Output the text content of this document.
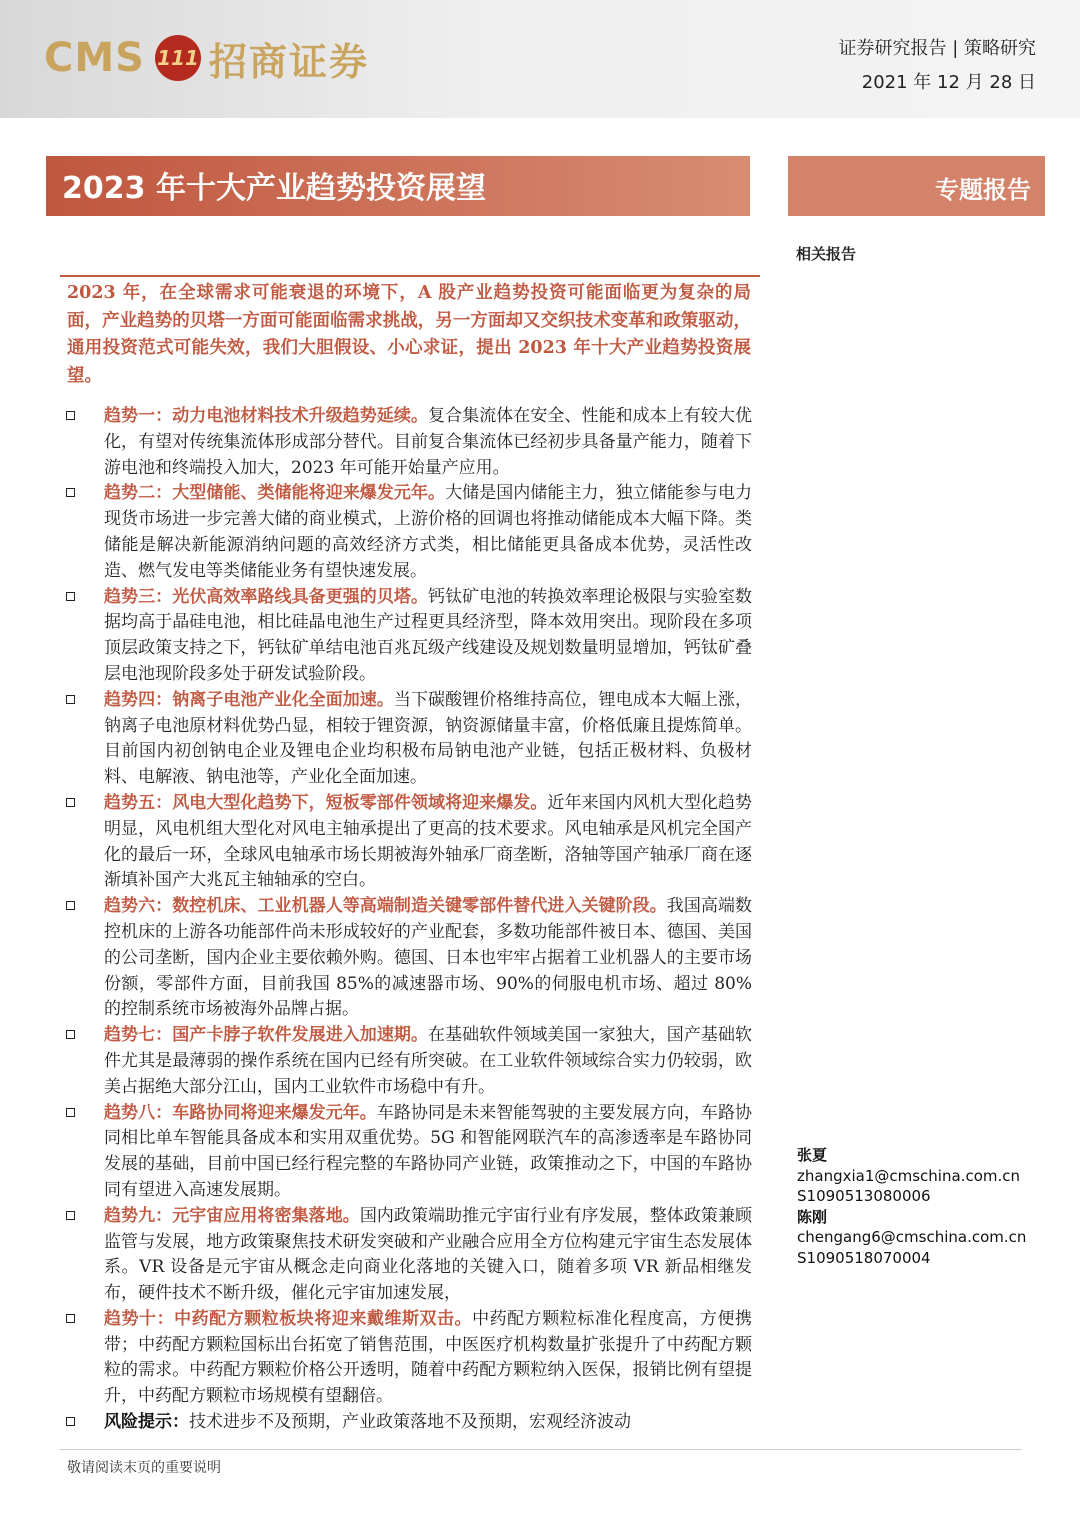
CMS 111 招商证券	证券研究报告 | 策略研究
2021 年 12 月 28 日
2023 年十大产业趋势投资展望	专题报告
相关报告
2023 年，在全球需求可能衰退的环境下，A 股产业趋势投资可能面临更为复杂的局面，产业趋势的贝塔一方面可能面临需求挑战，另一方面却又交织技术变革和政策驱动，通用投资范式可能失效，我们大胆假设、小心求证，提出 2023 年十大产业趋势投资展望。
趋势一：动力电池材料技术升级趋势延续。复合集流体在安全、性能和成本上有较大优化，有望对传统集流体形成部分替代。目前复合集流体已经初步具备量产能力，随着下游电池和终端投入加大，2023 年可能开始量产应用。
趋势二：大型储能、类储能将迎来爆发元年。大储是国内储能主力，独立储能参与电力现货市场进一步完善大储的商业模式，上游价格的回调也将推动储能成本大幅下降。类储能是解决新能源消纳问题的高效经济方式类，相比储能更具备成本优势，灵活性改造、燃气发电等类储能业务有望快速发展。
趋势三：光伏高效率路线具备更强的贝塔。钙钛矿电池的转换效率理论极限与实验室数据均高于晶硅电池，相比硅晶电池生产过程更具经济型，降本效用突出。现阶段在多项顶层政策支持之下，钙钛矿单结电池百兆瓦级产线建设及规划数量明显增加，钙钛矿叠层电池现阶段多处于研发试验阶段。
趋势四：钠离子电池产业化全面加速。当下碳酸锂价格维持高位，锂电成本大幅上涨，钠离子电池原材料优势凸显，相较于锂资源，钠资源储量丰富，价格低廉且提炼简单。目前国内初创钠电企业及锂电企业均积极布局钠电池产业链，包括正极材料、负极材料、电解液、钠电池等，产业化全面加速。
趋势五：风电大型化趋势下，短板零部件领域将迎来爆发。近年来国内风机大型化趋势明显，风电机组大型化对风电主轴承提出了更高的技术要求。风电轴承是风机完全国产化的最后一环，全球风电轴承市场长期被海外轴承厂商垄断，洛轴等国产轴承厂商在逐渐填补国产大兆瓦主轴轴承的空白。
趋势六：数控机床、工业机器人等高端制造关键零部件替代进入关键阶段。我国高端数控机床的上游各功能部件尚未形成较好的产业配套，多数功能部件被日本、德国、美国的公司垄断，国内企业主要依赖外购。德国、日本也牢牢占据着工业机器人的主要市场份额，零部件方面，目前我国 85%的减速器市场、90%的伺服电机市场、超过 80%的控制系统市场被海外品牌占据。
趋势七：国产卡脖子软件发展进入加速期。在基础软件领域美国一家独大，国产基础软件尤其是最薄弱的操作系统在国内已经有所突破。在工业软件领域综合实力仍较弱，欧美占据绝大部分江山，国内工业软件市场稳中有升。
趋势八：车路协同将迎来爆发元年。车路协同是未来智能驾驶的主要发展方向，车路协同相比单车智能具备成本和实用双重优势。5G 和智能网联汽车的高渗透率是车路协同发展的基础，目前中国已经行程完整的车路协同产业链，政策推动之下，中国的车路协同有望进入高速发展期。
趋势九：元宇宙应用将密集落地。国内政策端助推元宇宙行业有序发展，整体政策兼顾监管与发展，地方政策聚焦技术研发突破和产业融合应用全方位构建元宇宙生态发展体系。VR 设备是元宇宙从概念走向商业化落地的关键入口，随着多项 VR 新品相继发布，硬件技术不断升级，催化元宇宙加速发展，
趋势十：中药配方颗粒板块将迎来戴维斯双击。中药配方颗粒标准化程度高，方便携带；中药配方颗粒国标出台拓宽了销售范围，中医医疗机构数量扩张提升了中药配方颗粒的需求。中药配方颗粒价格公开透明，随着中药配方颗粒纳入医保，报销比例有望提升，中药配方颗粒市场规模有望翻倍。
风险提示：技术进步不及预期，产业政策落地不及预期，宏观经济波动
张夏
zhangxia1@cmschina.com.cn
S1090513080006
陈刚
chengang6@cmschina.com.cn
S1090518070004
敬请阅读末页的重要说明
